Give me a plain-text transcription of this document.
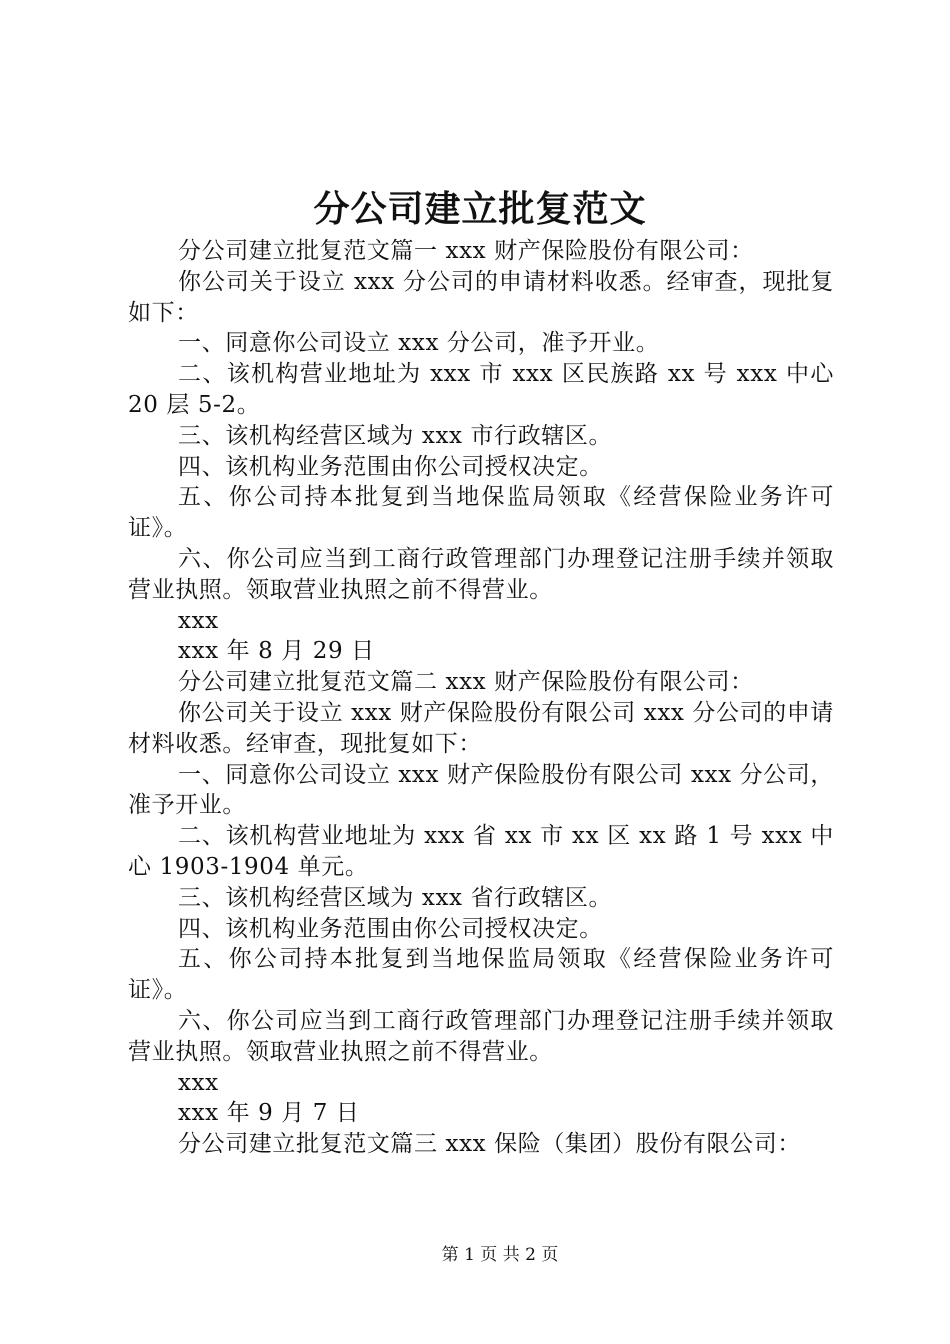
分公司建立批复范文

分公司建立批复范文篇一 xxx 财产保险股份有限公司：

你公司关于设立 xxx 分公司的申请材料收悉。经审查，现批复如下：

一、同意你公司设立 xxx 分公司，准予开业。

二、该机构营业地址为 xxx 市 xxx 区民族路 xx 号 xxx 中心 20 层 5-2。

三、该机构经营区域为 xxx 市行政辖区。

四、该机构业务范围由你公司授权决定。

五、你公司持本批复到当地保监局领取《经营保险业务许可证》。

六、你公司应当到工商行政管理部门办理登记注册手续并领取营业执照。领取营业执照之前不得营业。

xxx

xxx 年 8 月 29 日

分公司建立批复范文篇二 xxx 财产保险股份有限公司：

你公司关于设立 xxx 财产保险股份有限公司 xxx 分公司的申请材料收悉。经审查，现批复如下：

一、同意你公司设立 xxx 财产保险股份有限公司 xxx 分公司，准予开业。

二、该机构营业地址为 xxx 省 xx 市 xx 区 xx 路 1 号 xxx 中心 1903-1904 单元。

三、该机构经营区域为 xxx 省行政辖区。

四、该机构业务范围由你公司授权决定。

五、你公司持本批复到当地保监局领取《经营保险业务许可证》。

六、你公司应当到工商行政管理部门办理登记注册手续并领取营业执照。领取营业执照之前不得营业。

xxx

xxx 年 9 月 7 日

分公司建立批复范文篇三 xxx 保险（集团）股份有限公司：

第 1 页 共 2 页
